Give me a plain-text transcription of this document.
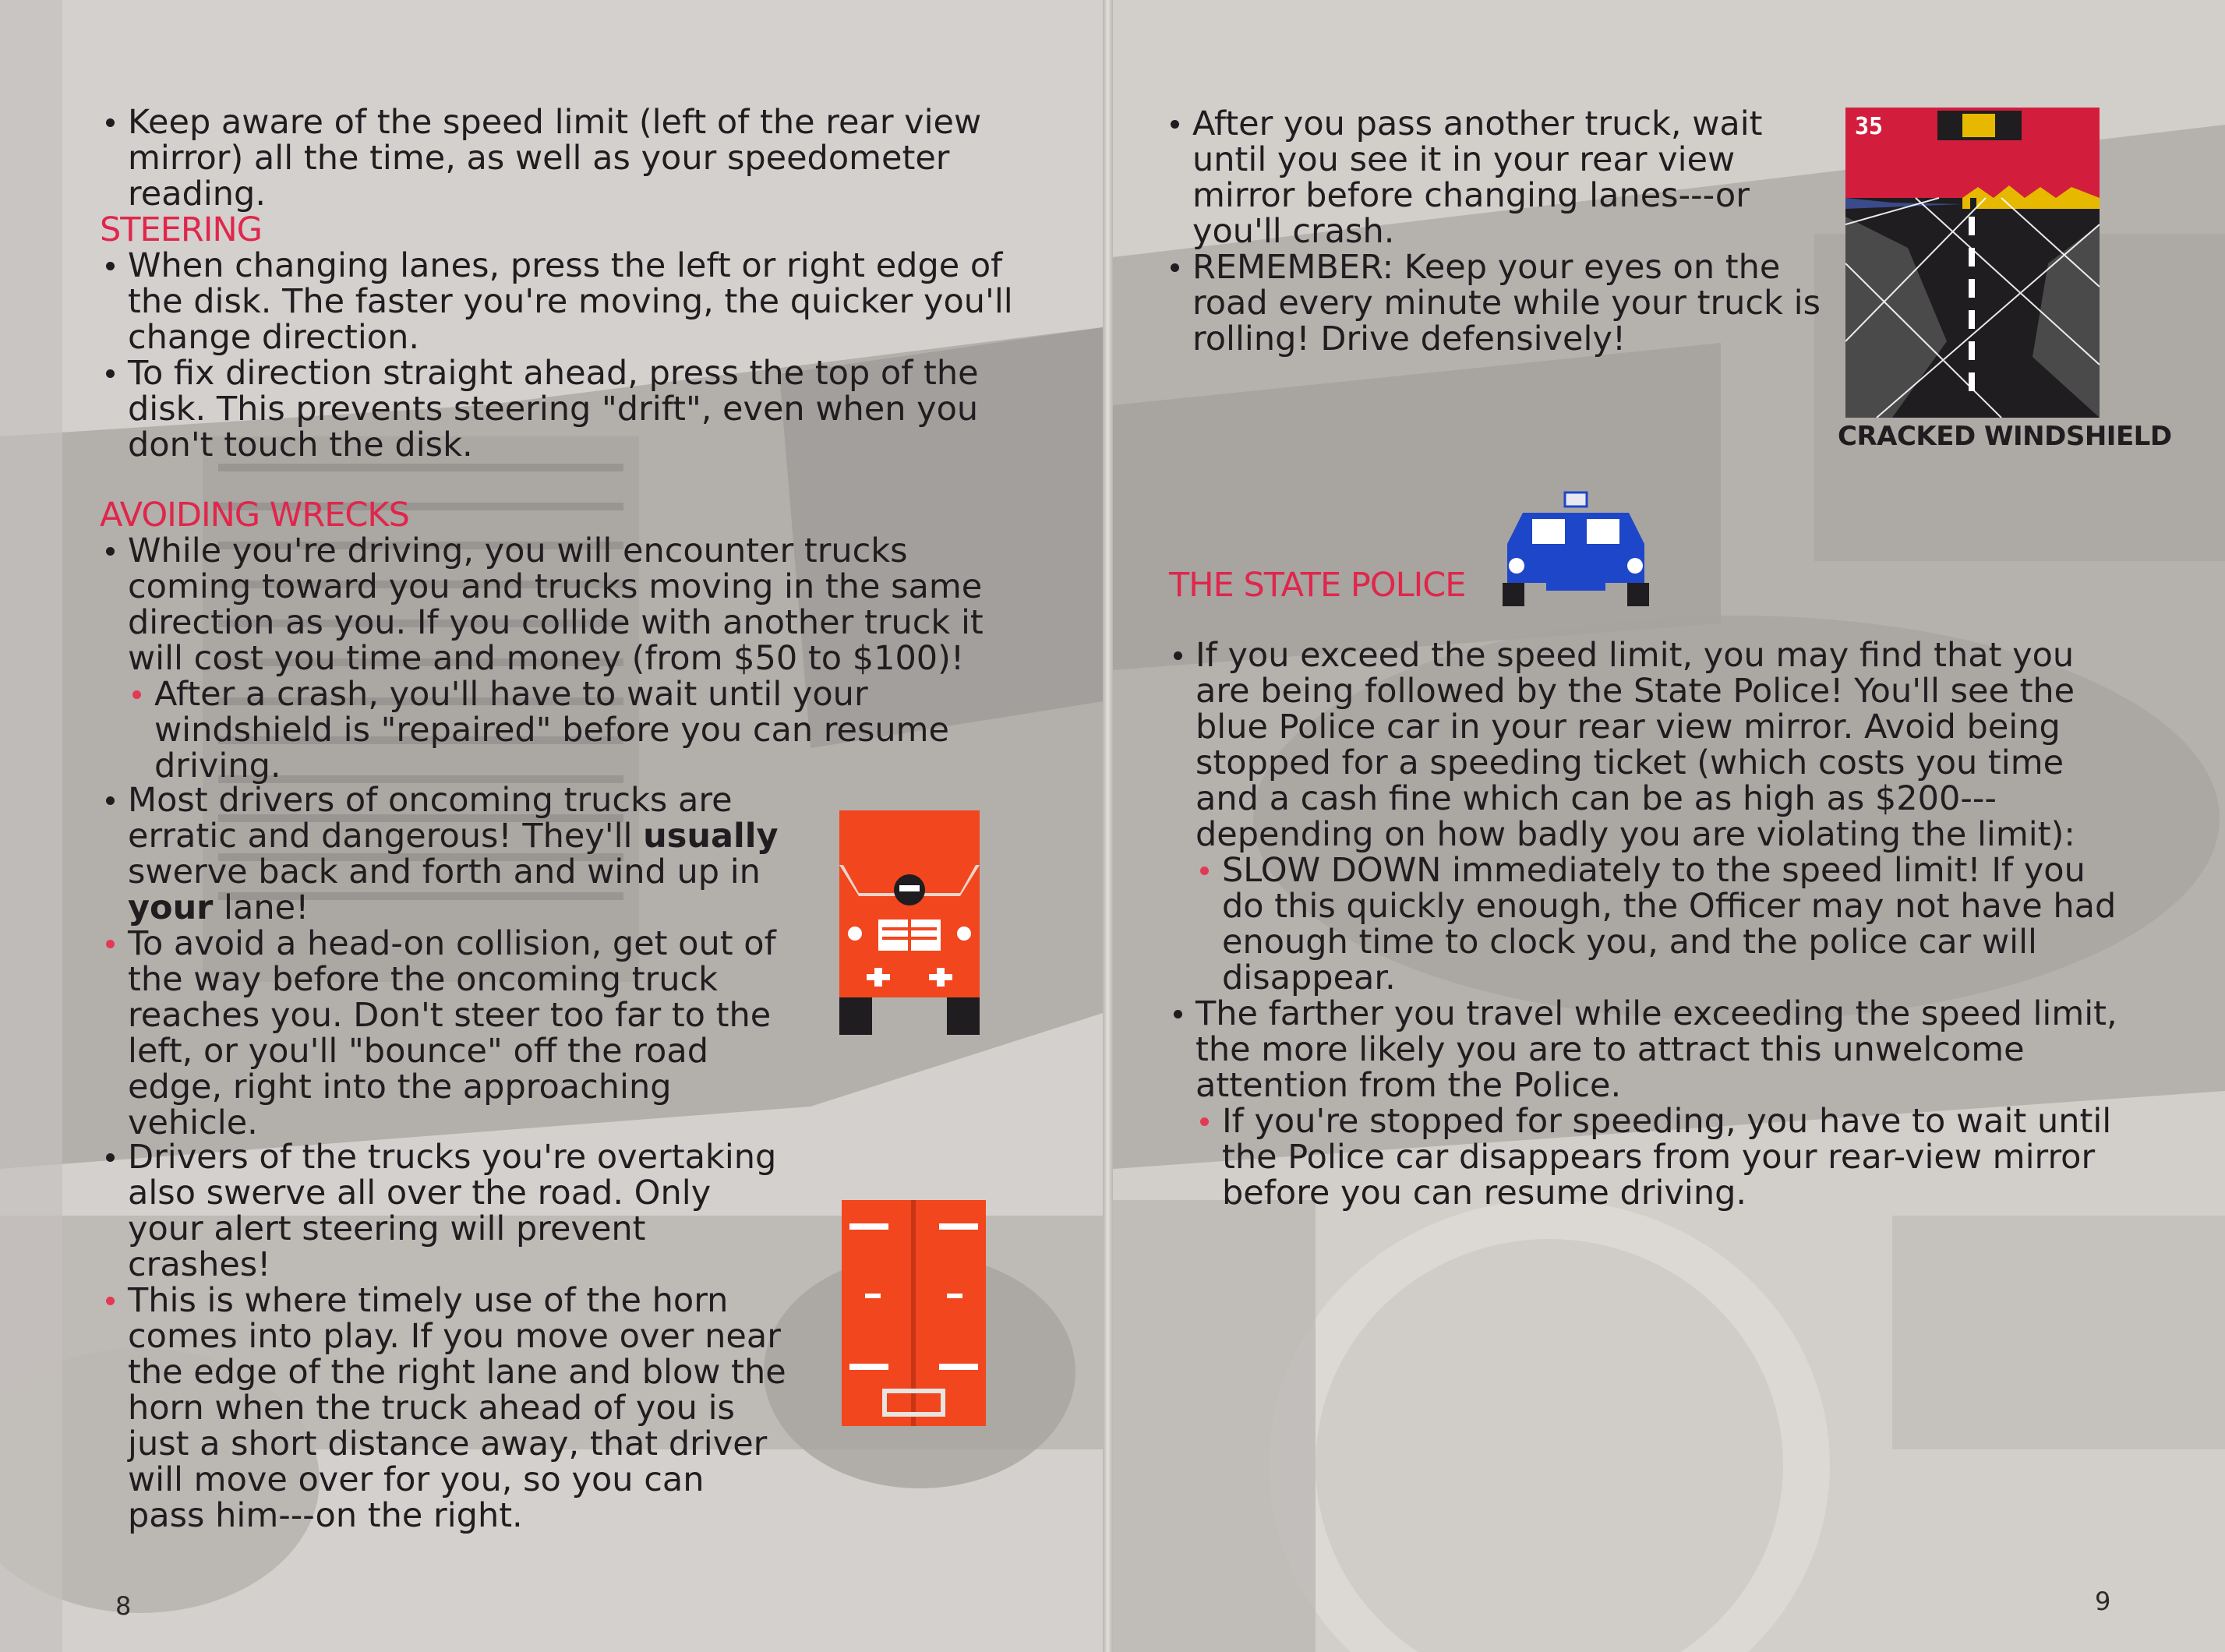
Keep aware of the speed limit (left of the rear view mirror) all the time, as well as your speedometer reading.

STEERING

When changing lanes, press the left or right edge of the disk. The faster you're moving, the quicker you'll change direction.

To fix direction straight ahead, press the top of the disk. This prevents steering "drift", even when you don't touch the disk.

AVOIDING WRECKS

While you're driving, you will encounter trucks coming toward you and trucks moving in the same direction as you. If you collide with another truck it will cost you time and money (from $50 to $100)!

After a crash, you'll have to wait until your windshield is "repaired" before you can resume driving.

Most drivers of oncoming trucks are erratic and dangerous! They'll usually swerve back and forth and wind up in your lane!

To avoid a head-on collision, get out of the way before the oncoming truck reaches you. Don't steer too far to the left, or you'll "bounce" off the road edge, right into the approaching vehicle.

Drivers of the trucks you're overtaking also swerve all over the road. Only your alert steering will prevent crashes!

This is where timely use of the horn comes into play. If you move over near the edge of the right lane and blow the horn when the truck ahead of you is just a short distance away, that driver will move over for you, so you can pass him---on the right.

8

After you pass another truck, wait until you see it in your rear view mirror before changing lanes---or you'll crash.

REMEMBER: Keep your eyes on the road every minute while your truck is rolling! Drive defensively!

35
CRACKED WINDSHIELD
THE STATE POLICE

If you exceed the speed limit, you may find that you are being followed by the State Police! You'll see the blue Police car in your rear view mirror. Avoid being stopped for a speeding ticket (which costs you time and a cash fine which can be as high as $200---depending on how badly you are violating the limit):

SLOW DOWN immediately to the speed limit! If you do this quickly enough, the Officer may not have had enough time to clock you, and the police car will disappear.

The farther you travel while exceeding the speed limit, the more likely you are to attract this unwelcome attention from the Police.

If you're stopped for speeding, you have to wait until the Police car disappears from your rear-view mirror before you can resume driving.

9
